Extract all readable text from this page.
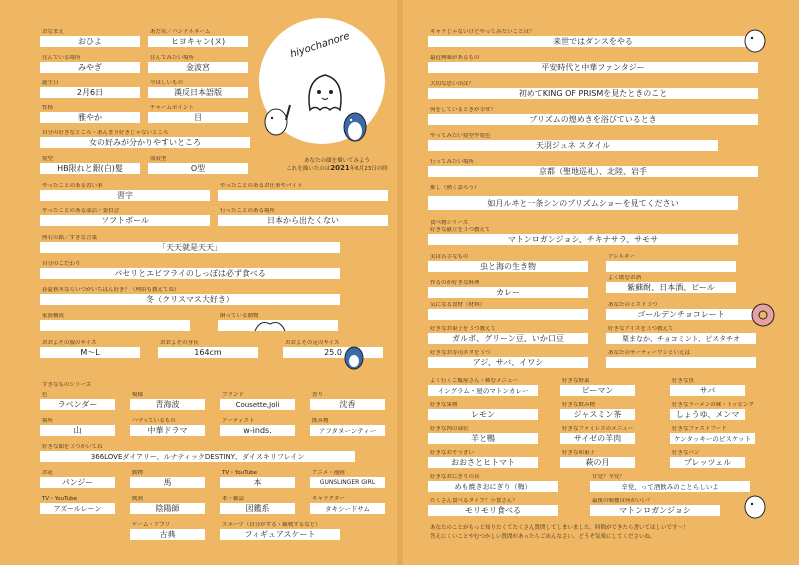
おなまえ
おひよ
あだ名／ハンドルネーム
ヒヨキャン(ヌ)
住んでいる場所
みやぎ
住んでみたい場所
金波宮
誕生日
2月6日
今ほしいもの
漢反日本語版
性格
雅やか
チャームポイント
目
自分の好きなところ・あんまり好きじゃないところ
女の好みが分かりやすいところ
髪型
HB限れと銀(白)髪
血液型
O型
やったことのある習い事
習字
やったことのあるお仕事やバイト
やったことのある部活・委員会
ソフトボール
行ったことのある場所
日本から出たくない
座右の銘／すきな言葉
「天天就是天天」
自分のこだわり
パセリとエビフライのしっぽは必ず食べる
春夏秋冬ならいつがいちばん好き？（理由も教えてね）
冬（クリスマス大好き）
家族構成	飼っている動物
おおよその服のサイズ
M～L
おおよその身長
164cm
おおよその足のサイズ
25.0
すきなものシリーズ
色
ラベンダー
模様
青海波
ブランド
Cousette,Joli
香り
沈香
場所
山
ハマっているもの
中華ドラマ
アーティスト
w-inds.
飲み物
アフタヌーンティー
好きな曲を３つかいてね
366LOVEダイアリー、ルナティックDESTINY、ダイスキリフレイン
お花
パンジー
動物
馬
TV・YouTube
本
アニメ・漫画
GUNSLINGER GIRL
TV・YouTube
アズールレーン
映画
陰陽師
本・雑誌
図鑑系
キャラクター
タキシードサム
ゲーム・アプリ
古典
スポーツ（自分がする・観戦するなど）
フィギュアスケート
hiyochanore
あなたの顔を描いてみよう
これを描いたのは2021年6月23日の時
キャラじゃないけどやってみたいことは？
来世ではダンスをやる
最近興味があるもの
平安時代と中華ファンタジー
大切な思い出は？
初めてKING OF PRISMを見たときのこと
何をしているときが幸せ？
プリズムの煌めきを浴びているとき
やってみたい髪型や髪色
天羽ジュネ スタイル
行ってみたい場所
京都（聖地巡礼）、北陸、岩手
推し（熱く語ろう）
如月ルヰと一条シンのプリズムショーを見てください
食べ物シリーズ
好きな献立を３つ教えて
マトンロガンジョシ、チキナサラ、サモサ
実は苦手なもの
虫と海の生き物
アレルギー
作るのが好きな料理
カレー
よく飲むお酒
紫蘇酎、日本酒、ビール
気になる食材（材料）	あなたのミスド３つ
ゴールデンチョコレート
好きなお菓子を３つ教えて
ガルボ、グリーン豆、いか口豆
好きなアイスを３つ教えて
栗まなか、チョコミント、ピスタチオ
好きなお寿司ネタを３つ
アジ、サバ、イワシ
あなたのサーティーワンといえば
よく行くご飯屋さん・頼むメニュー
イングラム・屋のマトンカレー
好きな野菜
ピーマン
好きな魚
サバ
好きな果物
レモン
好きな飲み物
ジャスミン茶
好きなラーメンの味・トッピング
しょうゆ、メンマ
好きな肉の部位
羊と鴨
好きなファミレスのメニュー
サイゼの羊肉
好きなファストフード
ケンタッキーのビスケット
好きなおそうざい
おおさとヒトマト
好きな和菓子
萩の月
好きなパン
プレッツェル
好きなおにぎりの具
めも焼きおにぎり（梅）
甘党？辛党？
辛党、って酒飲みのことらしいよ
たくさん食べるタイプ？小食さん？
モリモリ食べる
最後の晩餐は何がいい？
マトンロガンジョシ
あなたのことがもっと知りたくてたくさん質問してしまいました。時間ができたら書いてほしいです〜！
答えにくいことやむつかしい質問があったらごめんなさい。どうぞ気楽にしてくださいね。
